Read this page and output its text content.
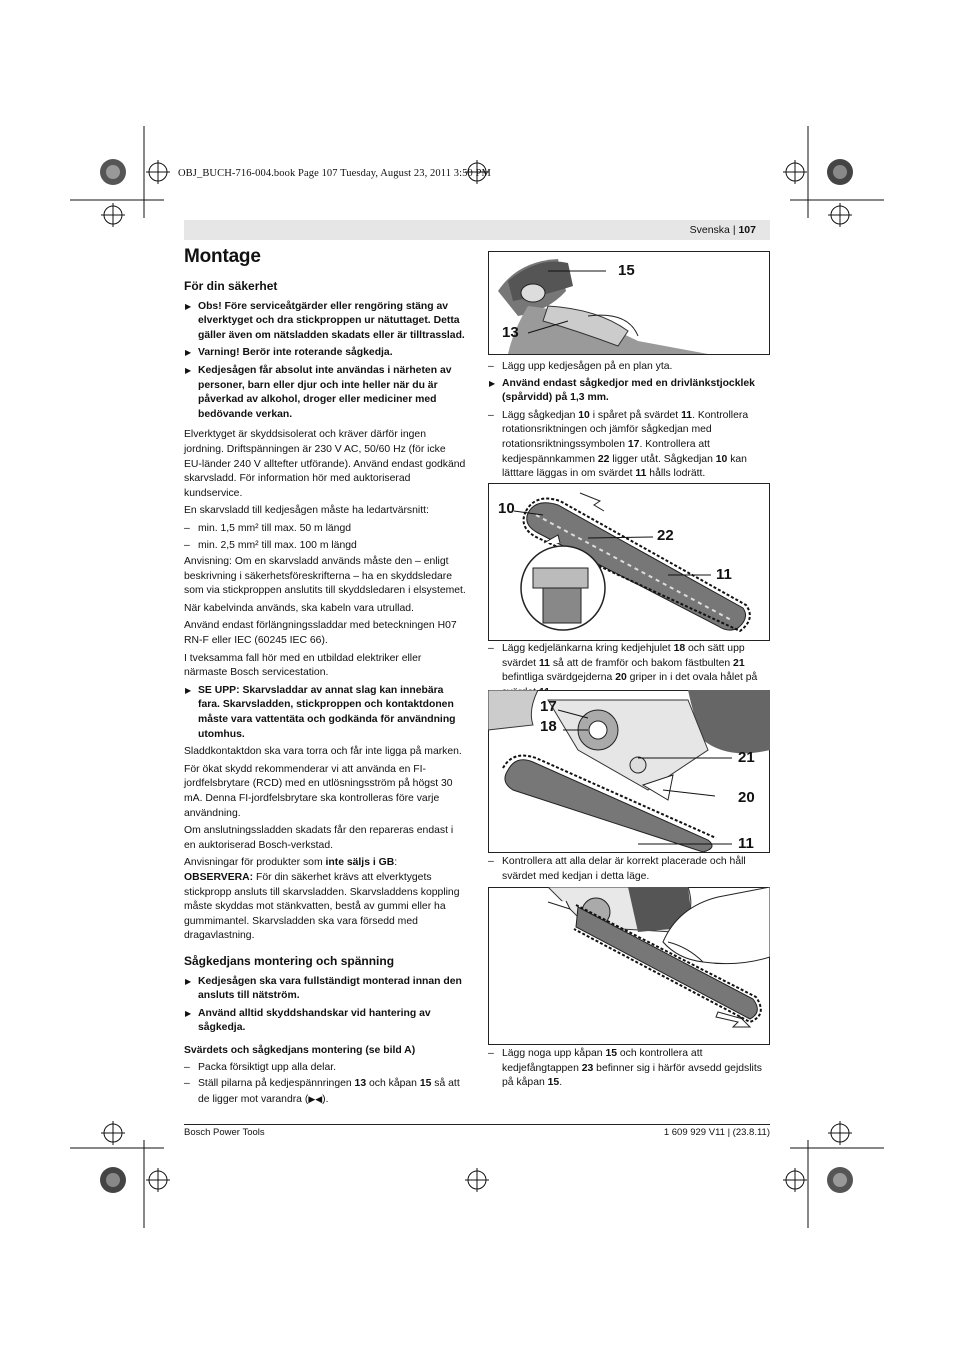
OBJ_BUCH-716-004.book Page 107 Tuesday, August 23, 2011 3:50 PM
Svenska | 107
Montage
För din säkerhet
▶ Obs! Före serviceåtgärder eller rengöring stäng av elverktyget och dra stickproppen ur nätuttaget. Detta gäller även om nätsladden skadats eller är tilltrasslad.
▶ Varning! Berör inte roterande sågkedja.
▶ Kedjesågen får absolut inte användas i närheten av personer, barn eller djur och inte heller när du är påverkad av alkohol, droger eller mediciner med bedövande verkan.

Elverktyget är skyddsisolerat och kräver därför ingen jordning. Driftspänningen är 230 V AC, 50/60 Hz (för icke EU-länder 240 V alltefter utförande). Använd endast godkänd skarvsladd. För information hör med auktoriserad kundservice.

En skarvsladd till kedjesågen måste ha ledartvärsnitt:

– min. 1,5 mm² till max. 50 m längd
– min. 2,5 mm² till max. 100 m längd

Anvisning: Om en skarvsladd används måste den – enligt beskrivning i säkerhetsföreskrifterna – ha en skyddsledare som via stickproppen anslutits till skyddsledaren i elsystemet.

När kabelvinda används, ska kabeln vara utrullad.

Använd endast förlängningssladdar med beteckningen H07 RN-F eller IEC (60245 IEC 66).

I tveksamma fall hör med en utbildad elektriker eller närmaste Bosch servicestation.

▶ SE UPP: Skarvsladdar av annat slag kan innebära fara. Skarvsladden, stickproppen och kontaktdonen måste vara vattentäta och godkända för användning utomhus.

Sladdkontaktdon ska vara torra och får inte ligga på marken.

För ökat skydd rekommenderar vi att använda en FI-jordfelsbrytare (RCD) med en utlösningsström på högst 30 mA. Denna FI-jordfelsbrytare ska kontrolleras före varje användning.

Om anslutningssladden skadats får den repareras endast i en auktoriserad Bosch-verkstad.

Anvisningar för produkter som inte säljs i GB:

OBSERVERA: För din säkerhet krävs att elverktygets stickpropp ansluts till skarvsladden. Skarvsladdens koppling måste skyddas mot stänkvatten, bestå av gummi eller ha gummimantel. Skarvsladden ska vara försedd med dragavlastning.

Sågkedjans montering och spänning
▶ Kedjesågen ska vara fullständigt monterad innan den ansluts till nätström.
▶ Använd alltid skyddshandskar vid hantering av sågkedja.
Svärdets och sågkedjans montering (se bild A)
– Packa försiktigt upp alla delar.
– Ställ pilarna på kedjespännringen 13 och kåpan 15 så att de ligger mot varandra (▶◀).
15
13
– Lägg upp kedjesågen på en plan yta.
▶ Använd endast sågkedjor med en drivlänkstjocklek (spårvidd) på 1,3 mm.
– Lägg sågkedjan 10 i spåret på svärdet 11. Kontrollera rotationsriktningen och jämför sågkedjan med rotationsriktningssymbolen 17. Kontrollera att kedjespännkammen 22 ligger utåt. Sågkedjan 10 kan lätttare läggas in om svärdet 11 hålls lodrätt.
10
22
11
– Lägg kedjelänkarna kring kedjehjulet 18 och sätt upp svärdet 11 så att de framför och bakom fästbulten 21 befintliga svärdgejderna 20 griper in i det ovala hålet på
17
18
21
20
11
– Kontrollera att alla delar är korrekt placerade och håll svärdet med kedjan i detta läge.
– Lägg noga upp kåpan 15 och kontrollera att kedjefångtappen 23 befinner sig i härför avsedd gejdslits på kåpan 15.
Bosch Power Tools	1 609 929 V11 | (23.8.11)
